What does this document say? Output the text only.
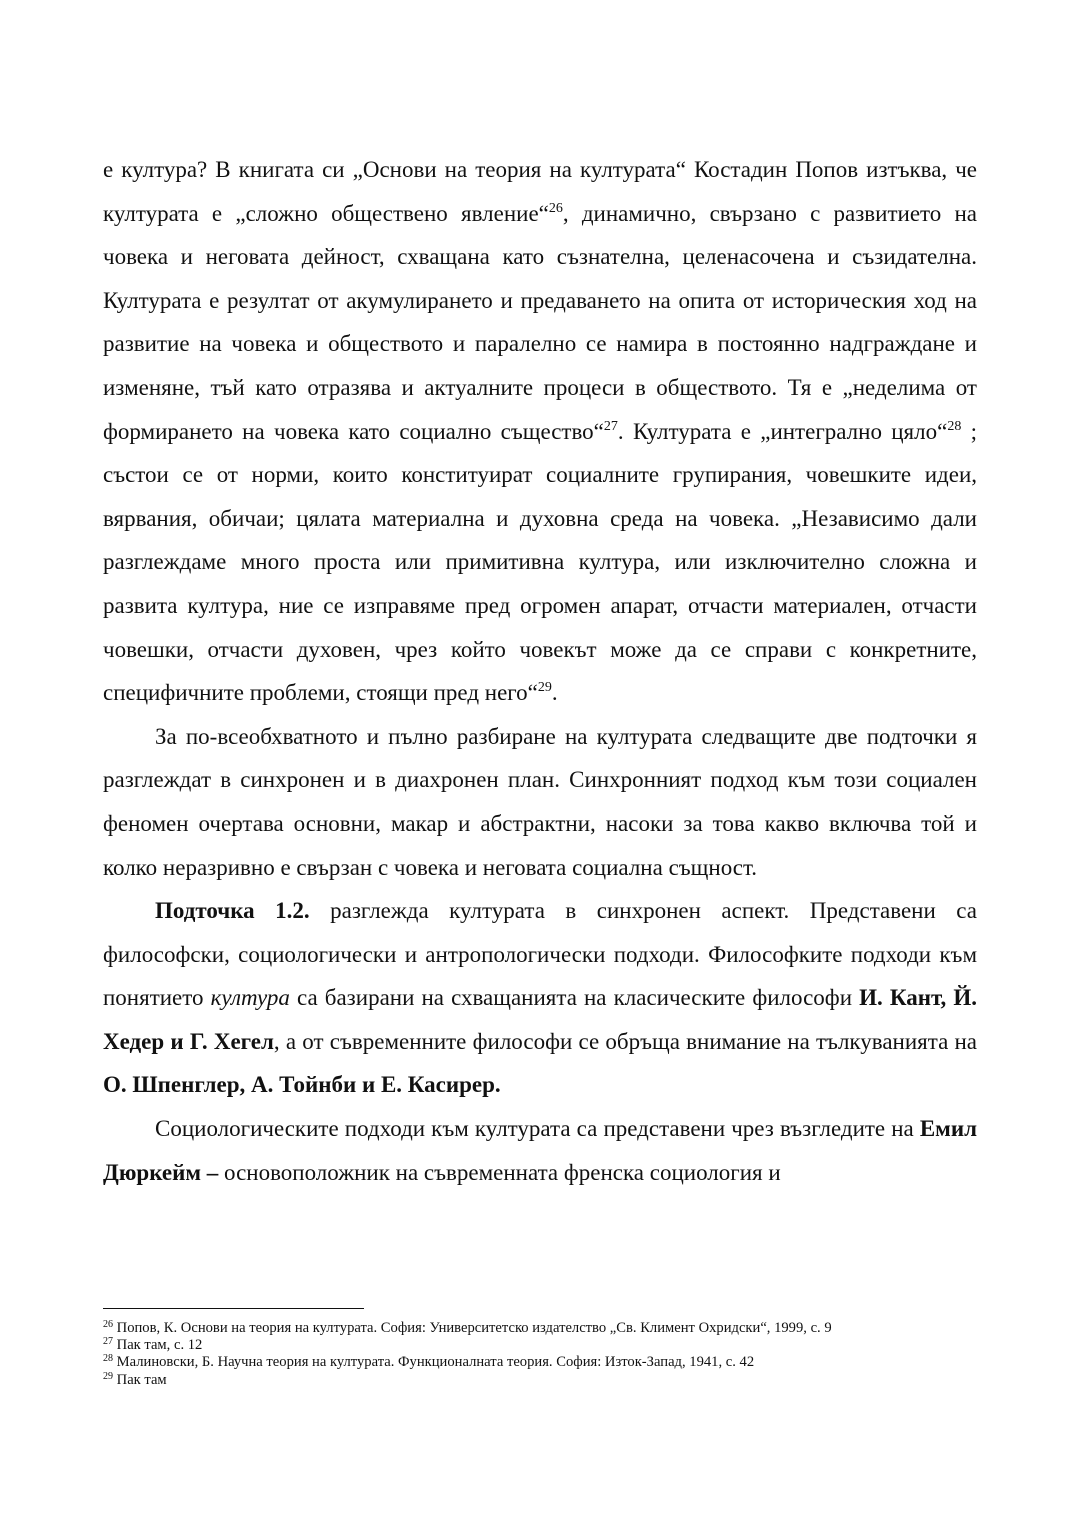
е култура? В книгата си „Основи на теория на културата“ Костадин Попов изтъква, че културата е „сложно обществено явление“$^{26}$, динамично, свързано с развитието на човека и неговата дейност, схващана като съзнателна, целенасочена и съзидателна. Културата е резултат от акумулирането и предаването на опита от историческия ход на развитие на човека и обществото и паралелно се намира в постоянно надграждане и изменяне, тъй като отразява и актуалните процеси в обществото. Тя е „неделима от формирането на човека като социално същество“$^{27}$. Културата е „интегрално цяло“$^{28}$ ; състои се от норми, които конституират социалните групирания, човешките идеи, вярвания, обичаи; цялата материална и духовна среда на човека. „Независимо дали разглеждаме много проста или примитивна култура, или изключително сложна и развита култура, ние се изправяме пред огромен апарат, отчасти материален, отчасти човешки, отчасти духовен, чрез който човекът може да се справи с конкретните, специфичните проблеми, стоящи пред него“$^{29}$.

За по-всеобхватното и пълно разбиране на културата следващите две подточки я разглеждат в синхронен и в диахронен план. Синхронният подход към този социален феномен очертава основни, макар и абстрактни, насоки за това какво включва той и колко неразривно е свързан с човека и неговата социална същност.

Подточка 1.2. разглежда културата в синхронен аспект. Представени са философски, социологически и антропологически подходи. Философките подходи към понятието култура са базирани на схващанията на класическите философи И. Кант, Й. Хедер и Г. Хегел, а от съвременните философи се обръща внимание на тълкуванията на О. Шпенглер, А. Тойнби и Е. Касирер.

Социологическите подходи към културата са представени чрез възгледите на Емил Дюркейм – основоположник на съвременната френска социология и

$^{26}$ Попов, К. Основи на теория на културата. София: Университетско издателство „Св. Климент Охридски“, 1999, с. 9

$^{27}$ Пак там, с. 12

$^{28}$ Малиновски, Б. Научна теория на културата. Функционалната теория. София: Изток-Запад, 1941, с. 42

$^{29}$ Пак там
